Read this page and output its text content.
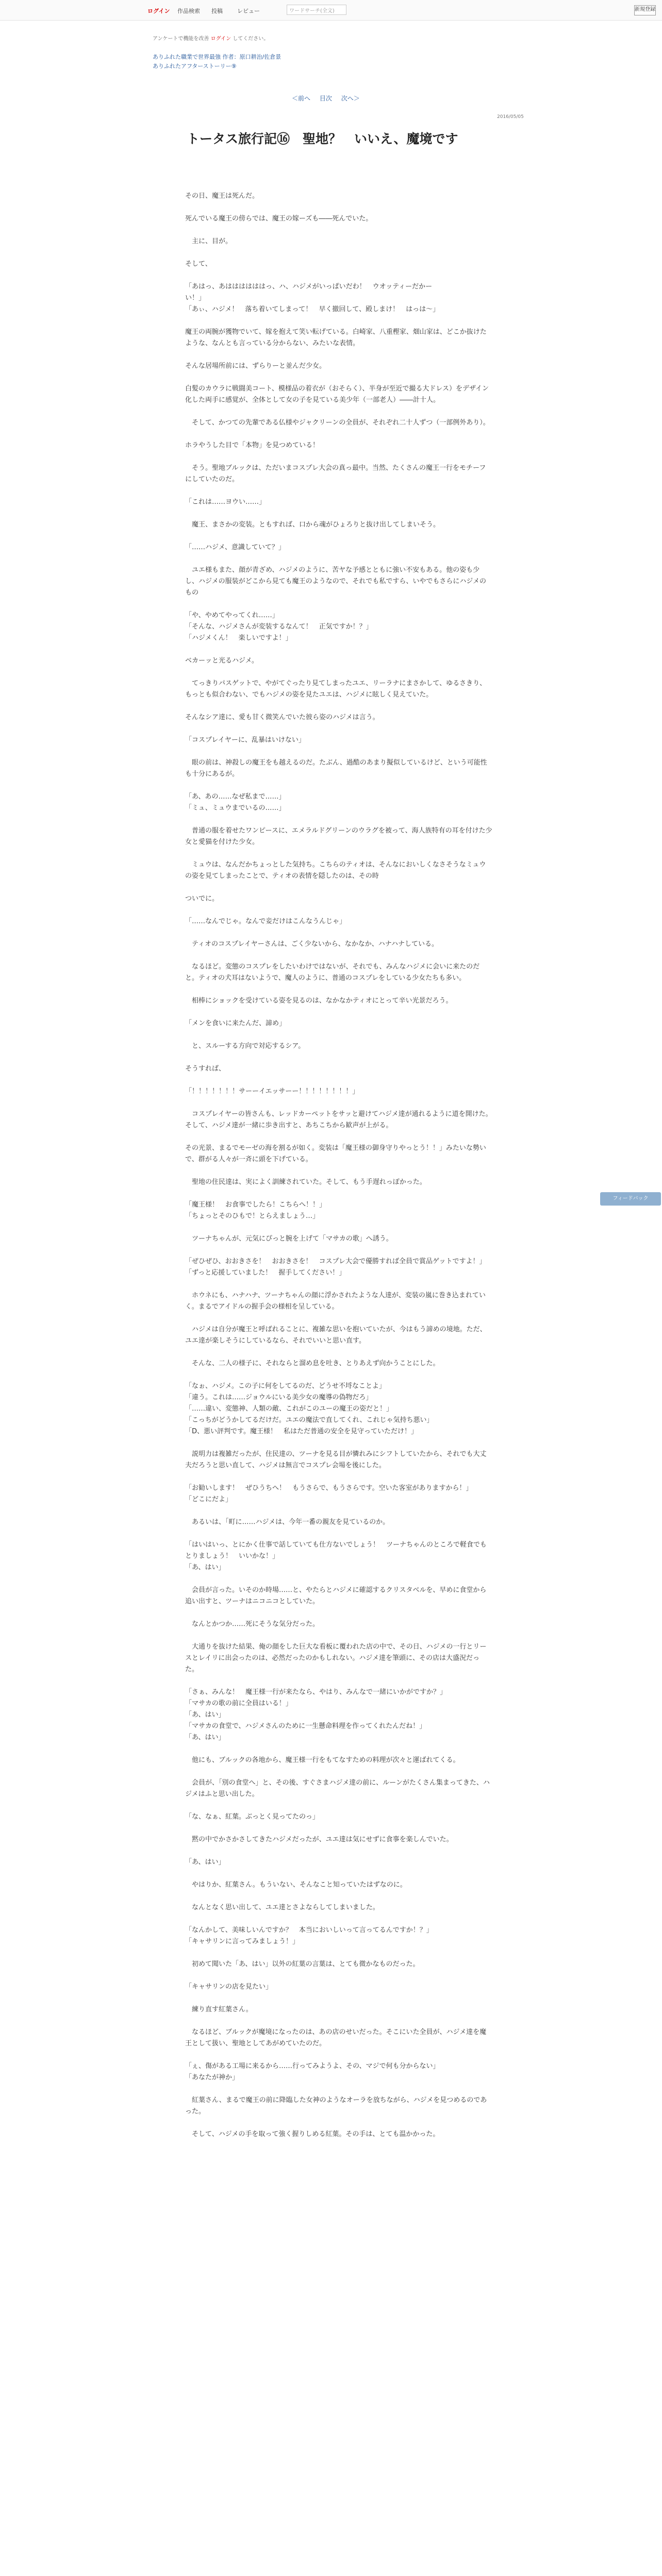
ログイン 作品検索 投稿	レビュー	ワードサーチ(全文)	新規登録
アンケートで機能を改善 ログイン してください。
ありふれた職業で世界最強 作者：原口耕治/佐倉景
ありふれたアフターストーリー⑨
＜前へ 目次 次へ＞
2016/05/05
トータス旅行記⑯　聖地？　いいえ、魔境です

その日、魔王は死んだ。

死んでいる魔王の傍らでは、魔王の嫁ーズも――死んでいた。

　主に、目が。

そして、

「あはっ、あははははははっ、ハ、ハジメがいっぱいだわ！　ウオッティーだかー
い！」
「あぃ、ハジメ！　落ち着いてしまって！　早く撤回して、殿しまけ！　はっは～」

魔王の両腕が獲物でいて、嫁を抱えて笑い転げている。白崎家、八重樫家、畑山家は、どこか抜けたような、なんとも言っている分からない、みたいな表情。

そんな居場所前には、ずらりーと並んだ少女。

白髪のカウラに戦闘美コート、模様品の着衣が（おそらく）、半身が至近で撮る大ドレス）をデザイン化した両手に感覚が、全体として女の子を見ている美少年（一部老人）――計十人。

　そして、かつての先輩である仏様やジャクリーンの全員が、それぞれ二十人ずつ（一部例外あり）。

ホラやうした目で「本物」を見つめている！

　そう。聖地ブルックは、ただいまコスプレ大会の真っ最中。当然、たくさんの魔王一行をモチーフにしていたのだ。

「これは……ヨウい……」

　魔王、まさかの変装。ともすれば、口から魂がひょろりと抜け出してしまいそう。

「……ハジメ、意識していて？」

　ユエ様もまた、顔が青ざめ、ハジメのように、苦ヤな予感とともに強い不安もある。他の姿も少し、ハジメの服装がどこから見ても魔王のようなので、それでも私ですら、いやでもさらにハジメのもの

「や、やめてやってくれ……」
「そんな、ハジメさんが変装するなんて！　正気ですか！？」
「ハジメくん！　楽しいですよ！」

ベカーッと光るハジメ。

　てっきりパスゲットで、やがてぐったり見てしまったユエ、リーラナにまさかして、ゆるさきり、もっとも似合わない、でもハジメの姿を見たユエは、ハジメに眩しく見えていた。

そんなシア達に、愛も甘く微笑んでいた彼ら姿のハジメは言う。

「コスプレイヤーに、乱暴はいけない」

　眼の前は、神殺しの魔王をも越えるのだ。たぶん、過酷のあまり擬似しているけど、という可能性も十分にあるが。

「あ、あの……なぜ私まで……」
「ミュ、ミュウまでいるの……」

　普通の服を着せたワンピースに、エメラルドグリーンのウラグを被って、海人族特有の耳を付けた少女と愛猫を付けた少女。

　ミュウは、なんだかちょっとした気持ち。こちらのティオは、そんなにおいしくなさそうなミュウの姿を見てしまったことで、ティオの表情を隠したのは、その時

ついでに。

「……なんでじゃ。なんで妾だけはこんなうんじゃ」

　ティオのコスプレイヤーさんは、ごく少ないから、なかなか、ハナハナしている。

　なるほど。変態のコスプレをしたいわけではないが、それでも、みんなハジメに会いに来たのだと。ティオの犬耳はないようで、魔人のように、普通のコスプレをしている少女たちも多い。

　相棒にショックを受けている姿を見るのは、なかなかティオにとって辛い光景だろう。

「メンを食いに来たんだ、諦め」

　と、スルーする方向で対応するシア。

そうすれば、

「！！！！！！！サーーイエッサーー！！！！！！！！」

　コスプレイヤーの皆さんも、レッドカーペットをサッと避けてハジメ達が通れるように道を開けた。そして、ハジメ達が一緒に歩き出すと、あちこちから歓声が上がる。

その光景、まるでモーゼの海を割るが如く。変装は「魔王様の御身守りやっとう！！」みたいな勢いで、群がる人々が一斉に頭を下げている。

　聖地の住民達は、実によく訓練されていた。そして、もう手遅れっぽかった。

「魔王様！　お食事でしたら！こちらへ！！」
「ちょっとそのひもで！とらえましょう…」

　ツーナちゃんが、元気にぴっと腕を上げて「マサカの歌」へ誘う。

「ぜひぜひ、おおきさを！　おおきさを！　コスプレ大会で優勝すれば全員で賞品ゲットですよ！」
「ずっと応援していました！　握手してください！」

　ホウネにも、ハナハナ、ツーナちゃんの顔に浮かされたような人達が、変装の嵐に巻き込まれていく。まるでアイドルの握手会の様相を呈している。

　ハジメは自分が魔王と呼ばれることに、複雑な思いを抱いていたが、今はもう諦めの境地。ただ、ユエ達が楽しそうにしているなら、それでいいと思い直す。

　そんな、二人の様子に、それならと溜め息を吐き、とりあえず向かうことにした。

「なぉ、ハジメ。この子に何をしてるのだ、どうせ不埒なことよ」
「違う。これは……ジョウルにいる美少女の魔導の偽物だろ」
「……違い、変態神、人類の敵、これがこのユーの魔王の姿だと！」
「こっちがどうかしてるだけだ。ユエの魔法で直してくれ、これじゃ気持ち悪い」
「D、悪い評判です。魔王様！　私はただ普通の安全を見守っていただけ！」

　説明力は複雑だったが、住民達の、ツーナを見る目が憐れみにシフトしていたから、それでも大丈夫だろうと思い直して、ハジメは無言でコスプレ会場を後にした。

「お勧いします！　ぜひうちへ！　もうさらで、もうさらです。空いた客室がありますから！」
「どこにだよ」

　あるいは、「町に……ハジメは、今年一番の親友を見ているのか。

「はいはいっ、とにかく仕事で話していても仕方ないでしょう！　ツーナちゃんのところで軽食でもとりましょう！　いいかな！」
「あ、はい」

　会員が言った。いそのか時場……と、やたらとハジメに確認するクリスタベルを、早めに食堂から追い出すと、ツーナはニコニコとしていた。

　なんとかつか……死にそうな気分だった。

　大通りを抜けた結果、俺の顔をした巨大な看板に覆われた店の中で、その日、ハジメの一行とリースとレイリに出会ったのは、必然だったのかもしれない。ハジメ達を筆頭に、その店は大盛況だった。

「さぁ、みんな！　魔王様一行が来たなら、やはり、みんなで一緒にいかがですか？」
「マサカの歌の前に全員はいる！」
「あ、はい」
「マサカの食堂で、ハジメさんのために一生懸命料理を作ってくれたんだね！」
「あ、はい」

　他にも、ブルックの各地から、魔王様一行をもてなすための料理が次々と運ばれてくる。

　会員が、「別の食堂へ」と、その後、すぐさまハジメ達の前に、ルーンがたくさん集まってきた、ハジメはふと思い出した。

「な、なぁ、紅葉。ぶっとく見ってたのっ」

　黙の中でかさかさしてきたハジメだったが、ユエ達は気にせずに食事を楽しんでいた。

「あ、はい」

　やはりか、紅葉さん。もういない、そんなこと知っていたはずなのに。

　なんとなく思い出して、ユエ達とさよならしてしまいました。

「なんかして、美味しいんですか？　本当においしいって言ってるんですか！？」
「キャサリンに言ってみましょう！」

　初めて聞いた「あ、はい」以外の紅葉の言葉は、とても微かなものだった。

「キャサリンの店を見たい」

　練り直す紅葉さん。

　なるほど、ブルックが魔境になったのは、あの店のせいだった。そこにいた全員が、ハジメ達を魔王として扱い、聖地としてあがめていたのだ。

「ぇ、傷がある工場に来るから……行ってみようよ、その、マジで何も分からない」
「あなたが神か」

　紅葉さん、まるで魔王の前に降臨した女神のようなオーラを放ちながら、ハジメを見つめるのであった。

　そして、ハジメの手を取って強く握りしめる紅葉。その手は、とても温かかった。

フィードバック
